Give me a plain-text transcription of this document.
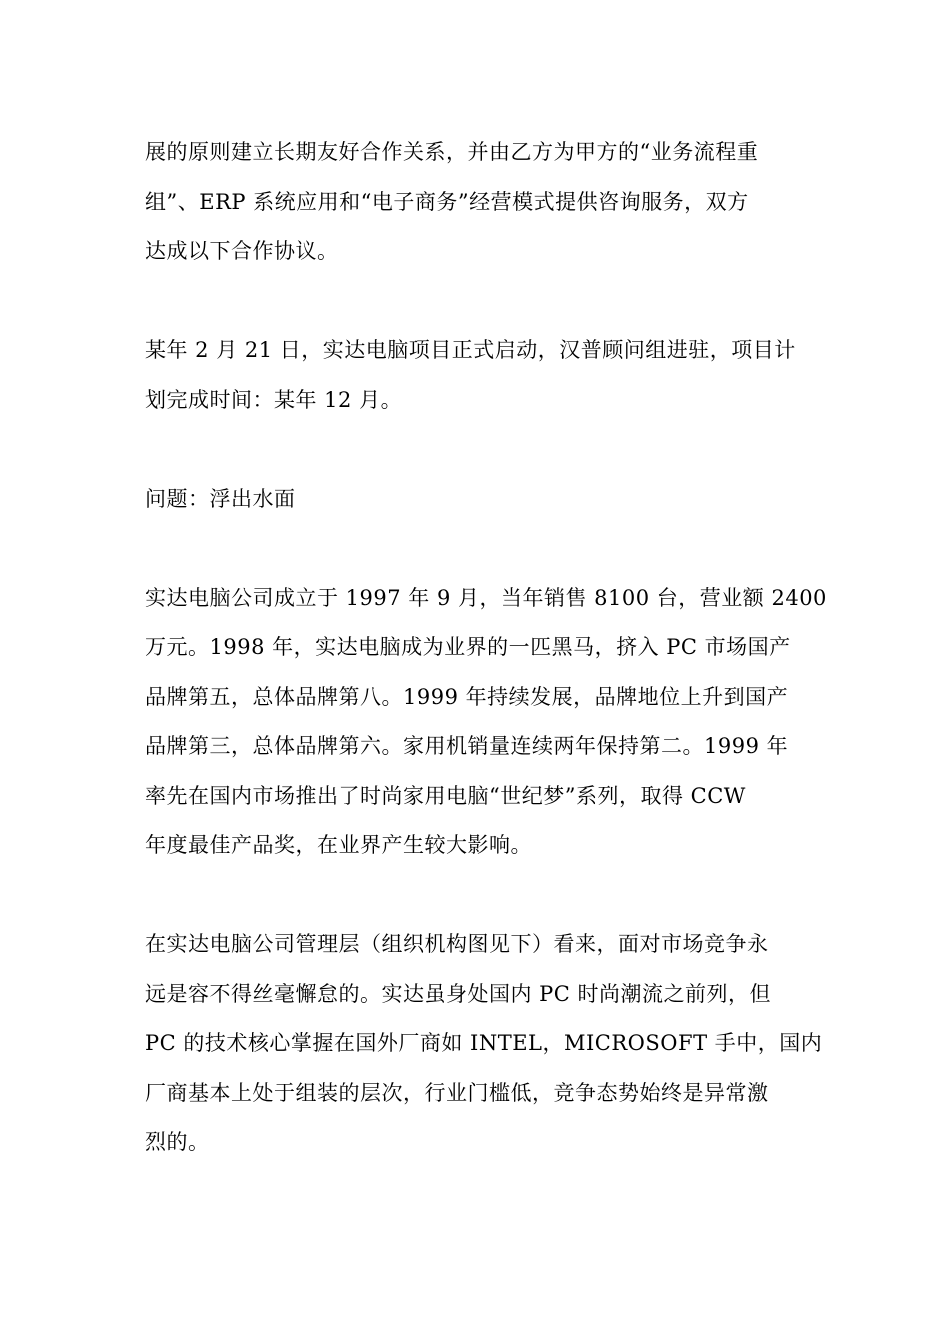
展的原则建立长期友好合作关系，并由乙方为甲方的“业务流程重
组”、ERP 系统应用和“电子商务”经营模式提供咨询服务，双方
达成以下合作协议。
某年 2 月 21 日，实达电脑项目正式启动，汉普顾问组进驻，项目计
划完成时间：某年 12 月。
问题：浮出水面
实达电脑公司成立于 1997 年 9 月，当年销售 8100 台，营业额 2400
万元。1998 年，实达电脑成为业界的一匹黑马，挤入 PC 市场国产
品牌第五，总体品牌第八。1999 年持续发展，品牌地位上升到国产
品牌第三，总体品牌第六。家用机销量连续两年保持第二。1999 年
率先在国内市场推出了时尚家用电脑“世纪梦”系列，取得 CCW
年度最佳产品奖，在业界产生较大影响。
在实达电脑公司管理层（组织机构图见下）看来，面对市场竞争永
远是容不得丝毫懈怠的。实达虽身处国内 PC 时尚潮流之前列，但
PC 的技术核心掌握在国外厂商如 INTEL，MICROSOFT 手中，国内
厂商基本上处于组装的层次，行业门槛低，竞争态势始终是异常激
烈的。
